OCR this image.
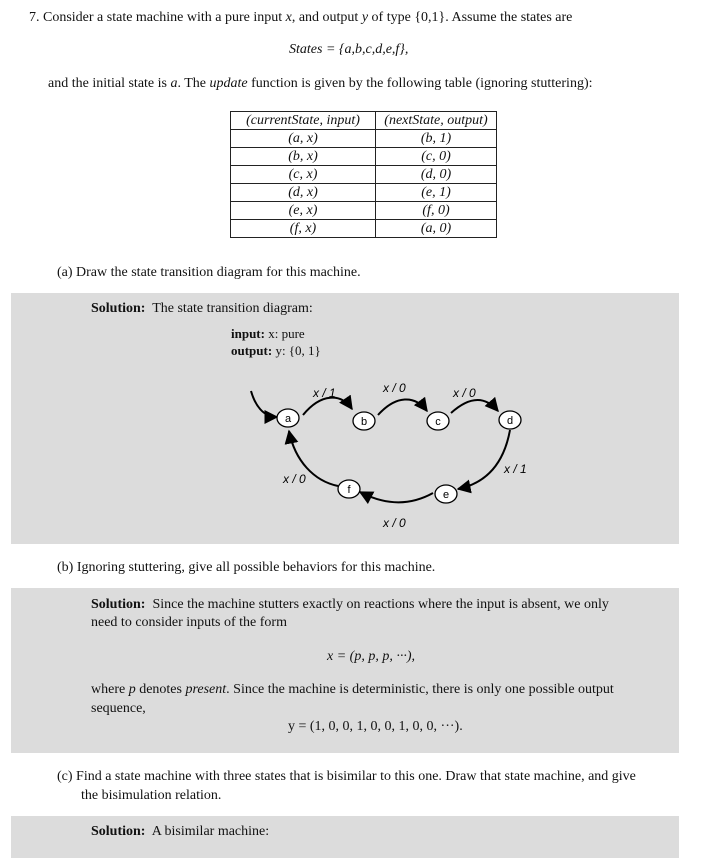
7. Consider a state machine with a pure input x, and output y of type {0,1}. Assume the states are
States = {a,b,c,d,e,f},
and the initial state is a. The update function is given by the following table (ignoring stuttering):
(currentState, input)	(nextState, output)
(a, x)	(b, 1)
(b, x)	(c, 0)
(c, x)	(d, 0)
(d, x)	(e, 1)
(e, x)	(f, 0)
(f, x)	(a, 0)
(a) Draw the state transition diagram for this machine.
Solution: The state transition diagram:
input: x: pure
output: y: {0, 1}
a	b	c	d
e
f
x / 1	x / 0	x / 0
x / 1
x / 0
x / 0
(b) Ignoring stuttering, give all possible behaviors for this machine.
Solution: Since the machine stutters exactly on reactions where the input is absent, we only
need to consider inputs of the form
x = (p, p, p, ···),
where p denotes present. Since the machine is deterministic, there is only one possible output
sequence,
y = (1, 0, 0, 1, 0, 0, 1, 0, 0, ···).
(c) Find a state machine with three states that is bisimilar to this one. Draw that state machine, and give
the bisimulation relation.
Solution: A bisimilar machine:
